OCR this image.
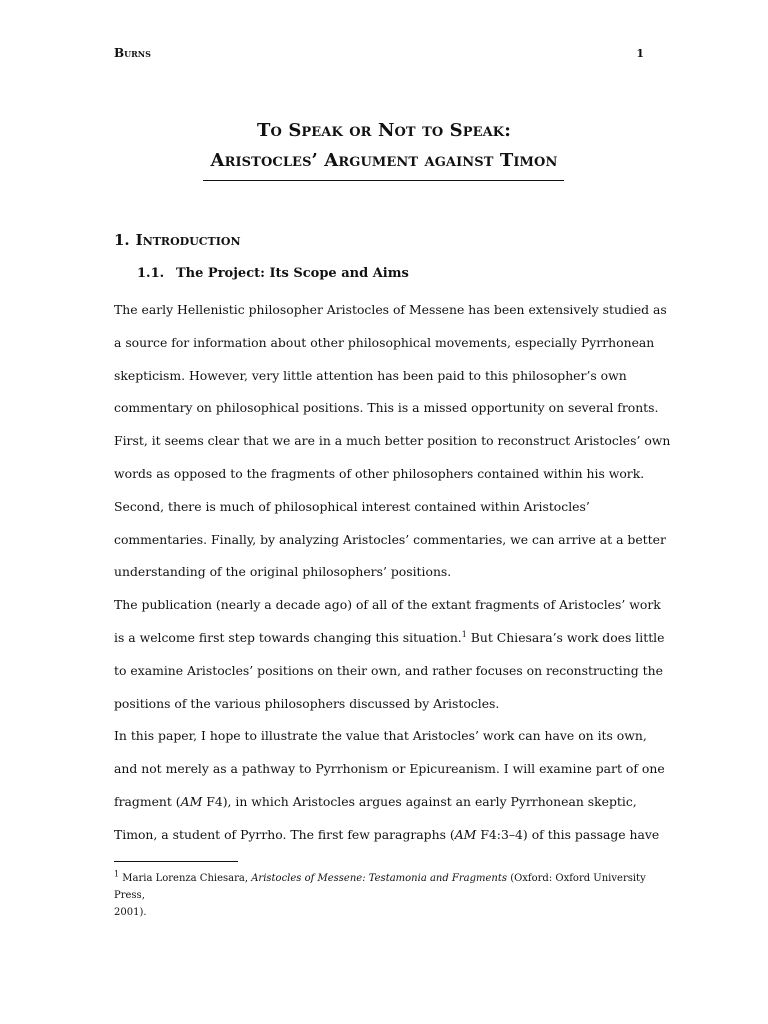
Burns	1
To Speak or Not to Speak:
Aristocles’ Argument against Timon
1. Introduction
1.1. The Project: Its Scope and Aims

The early Hellenistic philosopher Aristocles of Messene has been extensively studied as

a source for information about other philosophical movements, especially Pyrrhonean

skepticism. However, very little attention has been paid to this philosopher’s own

commentary on philosophical positions. This is a missed opportunity on several fronts.

First, it seems clear that we are in a much better position to reconstruct Aristocles’ own

words as opposed to the fragments of other philosophers contained within his work.

Second, there is much of philosophical interest contained within Aristocles’

commentaries. Finally, by analyzing Aristocles’ commentaries, we can arrive at a better

understanding of the original philosophers’ positions.

The publication (nearly a decade ago) of all of the extant fragments of Aristocles’ work

is a welcome first step towards changing this situation.$^1$ But Chiesara’s work does little

to examine Aristocles’ positions on their own, and rather focuses on reconstructing the

positions of the various philosophers discussed by Aristocles.

In this paper, I hope to illustrate the value that Aristocles’ work can have on its own,

and not merely as a pathway to Pyrrhonism or Epicureanism. I will examine part of one

fragment (AM F4), in which Aristocles argues against an early Pyrrhonean skeptic,

Timon, a student of Pyrrho. The first few paragraphs (AM F4:3–4) of this passage have

$^1$ Maria Lorenza Chiesara, Aristocles of Messene: Testamonia and Fragments (Oxford: Oxford University Press,
2001).
